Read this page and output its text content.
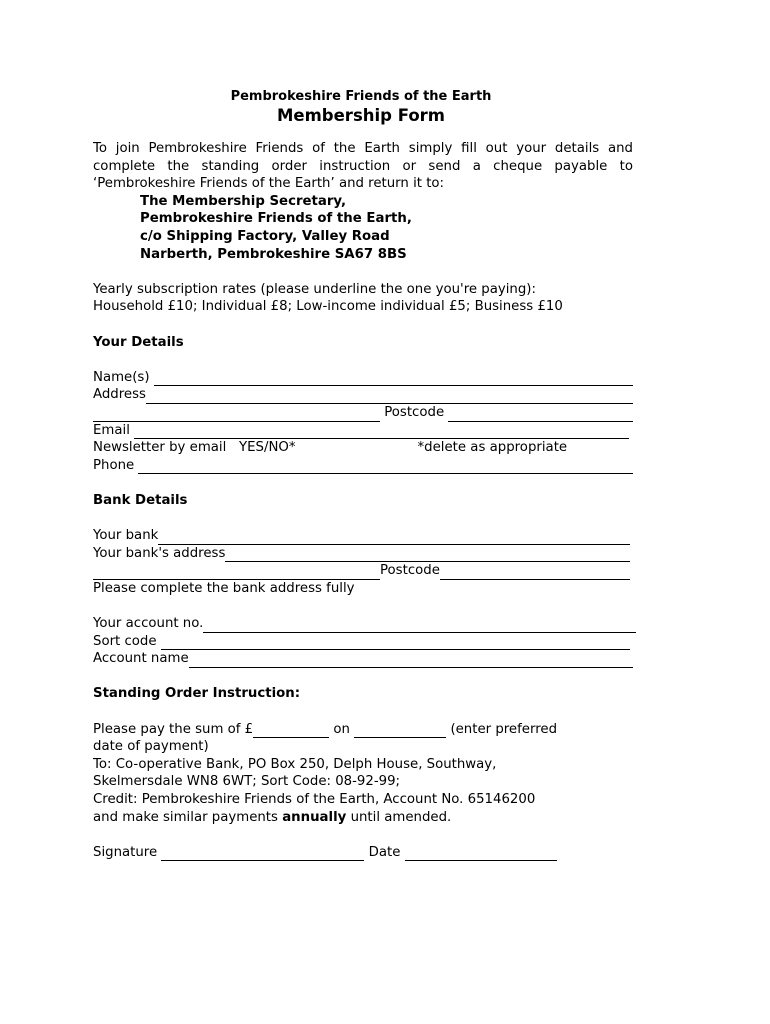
Pembrokeshire Friends of the Earth
Membership Form

To join Pembrokeshire Friends of the Earth simply fill out your details and complete the standing order instruction or send a cheque payable to ‘Pembrokeshire Friends of the Earth’ and return it to:

The Membership Secretary,
Pembrokeshire Friends of the Earth,
c/o Shipping Factory, Valley Road
Narberth, Pembrokeshire SA67 8BS

Yearly subscription rates (please underline the one you're paying):

Household £10; Individual £8; Low-income individual £5; Business £10

Your Details
Name(s)

Address

Postcode

Email

Newsletter by email
YES/NO*	*delete as appropriate
Phone

Bank Details
Your bank
Your bank's address
Postcode

Please complete the bank address fully

Your account no.
Sort code

Account name
Standing Order Instruction:
Please pay the sum of £
	on

	(enter preferred

date of payment)

To: Co-operative Bank, PO Box 250, Delph House, Southway,

Skelmersdale WN8 6WT; Sort Code: 08-92-99;

Credit: Pembrokeshire Friends of the Earth, Account No. 65146200

and make similar payments annually until amended.

Signature

	Date
